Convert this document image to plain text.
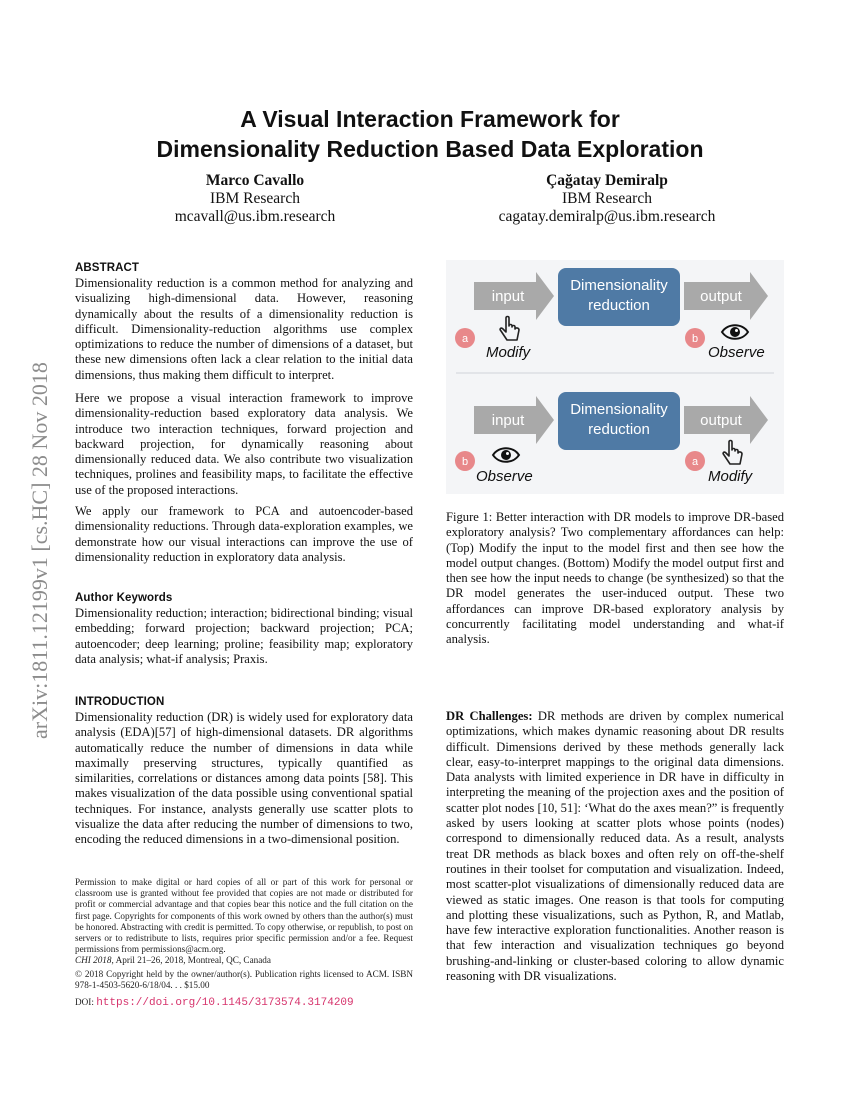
arXiv:1811.12199v1 [cs.HC] 28 Nov 2018
A Visual Interaction Framework for
Dimensionality Reduction Based Data Exploration
Marco Cavallo
IBM Research
mcavall@us.ibm.research
Çağatay Demiralp
IBM Research
cagatay.demiralp@us.ibm.research
ABSTRACT
Dimensionality reduction is a common method for analyzing and visualizing high-dimensional data. However, reasoning dynamically about the results of a dimensionality reduction is difficult. Dimensionality-reduction algorithms use complex optimizations to reduce the number of dimensions of a dataset, but these new dimensions often lack a clear relation to the initial data dimensions, thus making them difficult to interpret.
Here we propose a visual interaction framework to improve dimensionality-reduction based exploratory data analysis. We introduce two interaction techniques, forward projection and backward projection, for dynamically reasoning about dimensionally reduced data. We also contribute two visualization techniques, prolines and feasibility maps, to facilitate the effective use of the proposed interactions.
We apply our framework to PCA and autoencoder-based dimensionality reductions. Through data-exploration examples, we demonstrate how our visual interactions can improve the use of dimensionality reduction in exploratory data analysis.
Author Keywords
Dimensionality reduction; interaction; bidirectional binding; visual embedding; forward projection; backward projection; PCA; autoencoder; deep learning; proline; feasibility map; exploratory data analysis; what-if analysis; Praxis.
INTRODUCTION
Dimensionality reduction (DR) is widely used for exploratory data analysis (EDA)[57] of high-dimensional datasets. DR algorithms automatically reduce the number of dimensions in data while maximally preserving structures, typically quantified as similarities, correlations or distances among data points [58]. This makes visualization of the data possible using conventional spatial techniques. For instance, analysts generally use scatter plots to visualize the data after reducing the number of dimensions to two, encoding the reduced dimensions in a two-dimensional position.
Permission to make digital or hard copies of all or part of this work for personal or classroom use is granted without fee provided that copies are not made or distributed for profit or commercial advantage and that copies bear this notice and the full citation on the first page. Copyrights for components of this work owned by others than the author(s) must be honored. Abstracting with credit is permitted. To copy otherwise, or republish, to post on servers or to redistribute to lists, requires prior specific permission and/or a fee. Request permissions from permissions@acm.org.
CHI 2018, April 21–26, 2018, Montreal, QC, Canada
© 2018 Copyright held by the owner/author(s). Publication rights licensed to ACM. ISBN 978-1-4503-5620-6/18/04. . . $15.00
DOI: https://doi.org/10.1145/3173574.3174209
input
Dimensionality
reduction
output
a
Modify
b
Observe
input
Dimensionality
reduction
output
b
Observe
a
Modify
Figure 1: Better interaction with DR models to improve DR-based exploratory analysis? Two complementary affordances can help: (Top) Modify the input to the model first and then see how the model output changes. (Bottom) Modify the model output first and then see how the input needs to change (be synthesized) so that the DR model generates the user-induced output. These two affordances can improve DR-based exploratory analysis by concurrently facilitating model understanding and what-if analysis.
DR Challenges: DR methods are driven by complex numerical optimizations, which makes dynamic reasoning about DR results difficult. Dimensions derived by these methods generally lack clear, easy-to-interpret mappings to the original data dimensions. Data analysts with limited experience in DR have in difficulty in interpreting the meaning of the projection axes and the position of scatter plot nodes [10, 51]: ‘What do the axes mean?” is frequently asked by users looking at scatter plots whose points (nodes) correspond to dimensionally reduced data. As a result, analysts treat DR methods as black boxes and often rely on off-the-shelf routines in their toolset for computation and visualization. Indeed, most scatter-plot visualizations of dimensionally reduced data are viewed as static images. One reason is that tools for computing and plotting these visualizations, such as Python, R, and Matlab, have few interactive exploration functionalities. Another reason is that few interaction and visualization techniques go beyond brushing-and-linking or cluster-based coloring to allow dynamic reasoning with DR visualizations.
